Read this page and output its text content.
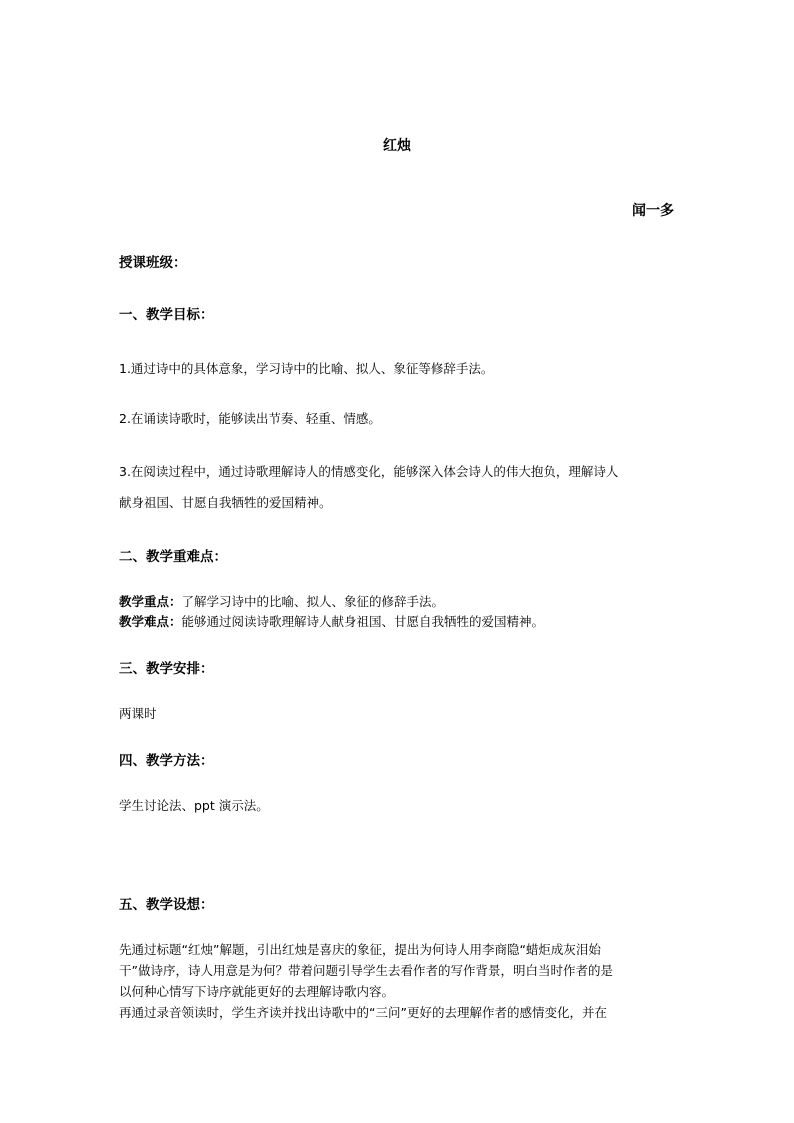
红烛
闻一多
授课班级：
一、教学目标：
1.通过诗中的具体意象，学习诗中的比喻、拟人、象征等修辞手法。
2.在诵读诗歌时，能够读出节奏、轻重、情感。
3.在阅读过程中，通过诗歌理解诗人的情感变化，能够深入体会诗人的伟大抱负，理解诗人
献身祖国、甘愿自我牺牲的爱国精神。
二、教学重难点：
教学重点：了解学习诗中的比喻、拟人、象征的修辞手法。
教学难点：能够通过阅读诗歌理解诗人献身祖国、甘愿自我牺牲的爱国精神。
三、教学安排：
两课时
四、教学方法：
学生讨论法、ppt 演示法。
五、教学设想：
先通过标题“红烛”解题，引出红烛是喜庆的象征，提出为何诗人用李商隐“蜡炬成灰泪始
干”做诗序，诗人用意是为何？带着问题引导学生去看作者的写作背景，明白当时作者的是
以何种心情写下诗序就能更好的去理解诗歌内容。
再通过录音领读时，学生齐读并找出诗歌中的“三问”更好的去理解作者的感情变化，并在
